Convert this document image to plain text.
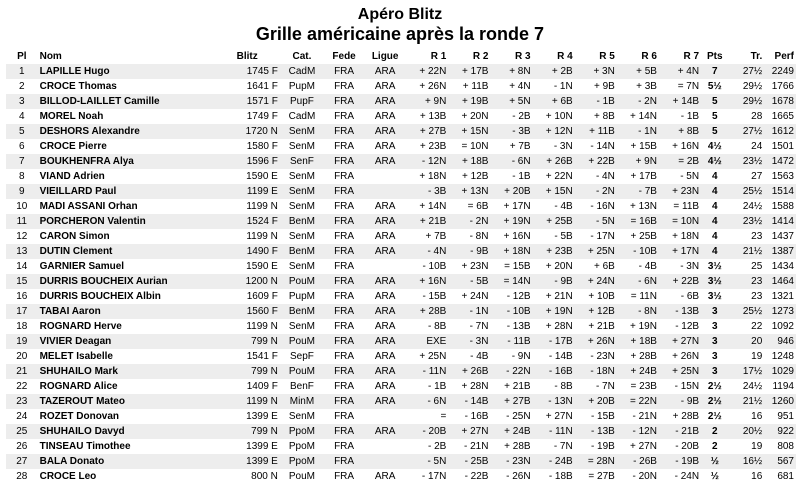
Apéro Blitz
Grille américaine après la ronde 7
Pl	Nom	Blitz	Cat.	Fede	Ligue	R 1	R 2	R 3	R 4	R 5	R 6	R 7	Pts	Tr.	Perf
1	LAPILLE Hugo	1745 F	CadM	FRA	ARA	+ 22N	+ 17B	+ 8N	+ 2B	+ 3N	+ 5B	+ 4N	7	27½	2249
2	CROCE Thomas	1641 F	PupM	FRA	ARA	+ 26N	+ 11B	+ 4N	- 1N	+ 9B	+ 3B	= 7N	5½	29½	1766
3	BILLOD-LAILLET Camille	1571 F	PupF	FRA	ARA	+ 9N	+ 19B	+ 5N	+ 6B	- 1B	- 2N	+ 14B	5	29½	1678
4	MOREL Noah	1749 F	CadM	FRA	ARA	+ 13B	+ 20N	- 2B	+ 10N	+ 8B	+ 14N	- 1B	5	28	1665
5	DESHORS Alexandre	1720 N	SenM	FRA	ARA	+ 27B	+ 15N	- 3B	+ 12N	+ 11B	- 1N	+ 8B	5	27½	1612
6	CROCE Pierre	1580 F	SenM	FRA	ARA	+ 23B	= 10N	+ 7B	- 3N	- 14N	+ 15B	+ 16N	4½	24	1501
7	BOUKHENFRA Alya	1596 F	SenF	FRA	ARA	- 12N	+ 18B	- 6N	+ 26B	+ 22B	+ 9N	= 2B	4½	23½	1472
8	VIAND Adrien	1590 E	SenM	FRA		+ 18N	+ 12B	- 1B	+ 22N	- 4N	+ 17B	- 5N	4	27	1563
9	VIEILLARD Paul	1199 E	SenM	FRA		- 3B	+ 13N	+ 20B	+ 15N	- 2N	- 7B	+ 23N	4	25½	1514
10	MADI ASSANI Orhan	1199 N	SenM	FRA	ARA	+ 14N	= 6B	+ 17N	- 4B	- 16N	+ 13N	= 11B	4	24½	1588
11	PORCHERON Valentin	1524 F	BenM	FRA	ARA	+ 21B	- 2N	+ 19N	+ 25B	- 5N	= 16B	= 10N	4	23½	1414
12	CARON Simon	1199 N	SenM	FRA	ARA	+ 7B	- 8N	+ 16N	- 5B	- 17N	+ 25B	+ 18N	4	23	1437
13	DUTIN Clement	1490 F	BenM	FRA	ARA	- 4N	- 9B	+ 18N	+ 23B	+ 25N	- 10B	+ 17N	4	21½	1387
14	GARNIER Samuel	1590 E	SenM	FRA		- 10B	+ 23N	= 15B	+ 20N	+ 6B	- 4B	- 3N	3½	25	1434
15	DURRIS BOUCHEIX Aurian	1200 N	PouM	FRA	ARA	+ 16N	- 5B	= 14N	- 9B	+ 24N	- 6N	+ 22B	3½	23	1464
16	DURRIS BOUCHEIX Albin	1609 F	PupM	FRA	ARA	- 15B	+ 24N	- 12B	+ 21N	+ 10B	= 11N	- 6B	3½	23	1321
17	TABAI Aaron	1560 F	BenM	FRA	ARA	+ 28B	- 1N	- 10B	+ 19N	+ 12B	- 8N	- 13B	3	25½	1273
18	ROGNARD Herve	1199 N	SenM	FRA	ARA	- 8B	- 7N	- 13B	+ 28N	+ 21B	+ 19N	- 12B	3	22	1092
19	VIVIER Deagan	799 N	PouM	FRA	ARA	EXE	- 3N	- 11B	- 17B	+ 26N	+ 18B	+ 27N	3	20	946
20	MELET Isabelle	1541 F	SepF	FRA	ARA	+ 25N	- 4B	- 9N	- 14B	- 23N	+ 28B	+ 26N	3	19	1248
21	SHUHAILO Mark	799 N	PouM	FRA	ARA	- 11N	+ 26B	- 22N	- 16B	- 18N	+ 24B	+ 25N	3	17½	1029
22	ROGNARD Alice	1409 F	BenF	FRA	ARA	- 1B	+ 28N	+ 21B	- 8B	- 7N	= 23B	- 15N	2½	24½	1194
23	TAZEROUT Mateo	1199 N	MinM	FRA	ARA	- 6N	- 14B	+ 27B	- 13N	+ 20B	= 22N	- 9B	2½	21½	1260
24	ROZET Donovan	1399 E	SenM	FRA		=	- 16B	- 25N	+ 27N	- 15B	- 21N	+ 28B	2½	16	951
25	SHUHAILO Davyd	799 N	PpoM	FRA	ARA	- 20B	+ 27N	+ 24B	- 11N	- 13B	- 12N	- 21B	2	20½	922
26	TINSEAU Timothee	1399 E	PpoM	FRA		- 2B	- 21N	+ 28B	- 7N	- 19B	+ 27N	- 20B	2	19	808
27	BALA Donato	1399 E	PpoM	FRA		- 5N	- 25B	- 23N	- 24B	= 28N	- 26B	- 19B	½	16½	567
28	CROCE Leo	800 N	PouM	FRA	ARA	- 17N	- 22B	- 26N	- 18B	= 27B	- 20N	- 24N	½	16	681
